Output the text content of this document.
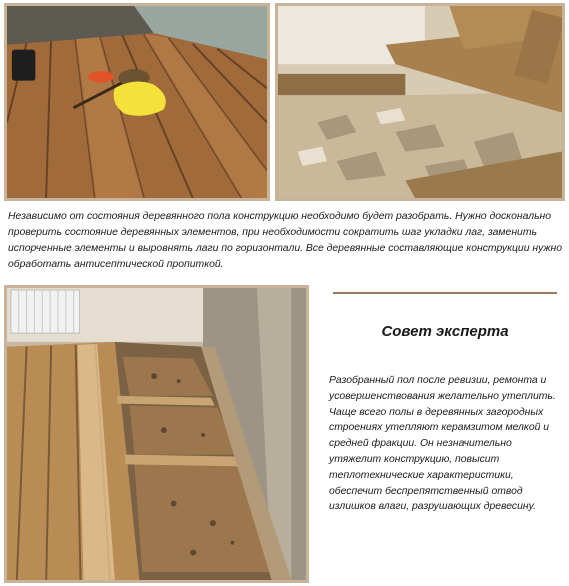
Независимо от состояния деревянного пола конструкцию необходимо будет разобрать. Нужно досконально проверить состояние деревянных элементов, при необходимости сократить шаг укладки лаг, заменить испорченные элементы и выровнять лаги по горизонтали. Все деревянные составляющие конструкции нужно обработать антисептической пропиткой.

Совет эксперта

Разобранный пол после ревизии, ремонта и усовершенствования желательно утеплить. Чаще всего полы в деревянных загородных строениях утепляют керамзитом мелкой и средней фракции. Он незначительно утяжелит конструкцию, повысит теплотехнические характеристики, обеспечит беспрепятственный отвод излишков влаги, разрушающих древесину.
